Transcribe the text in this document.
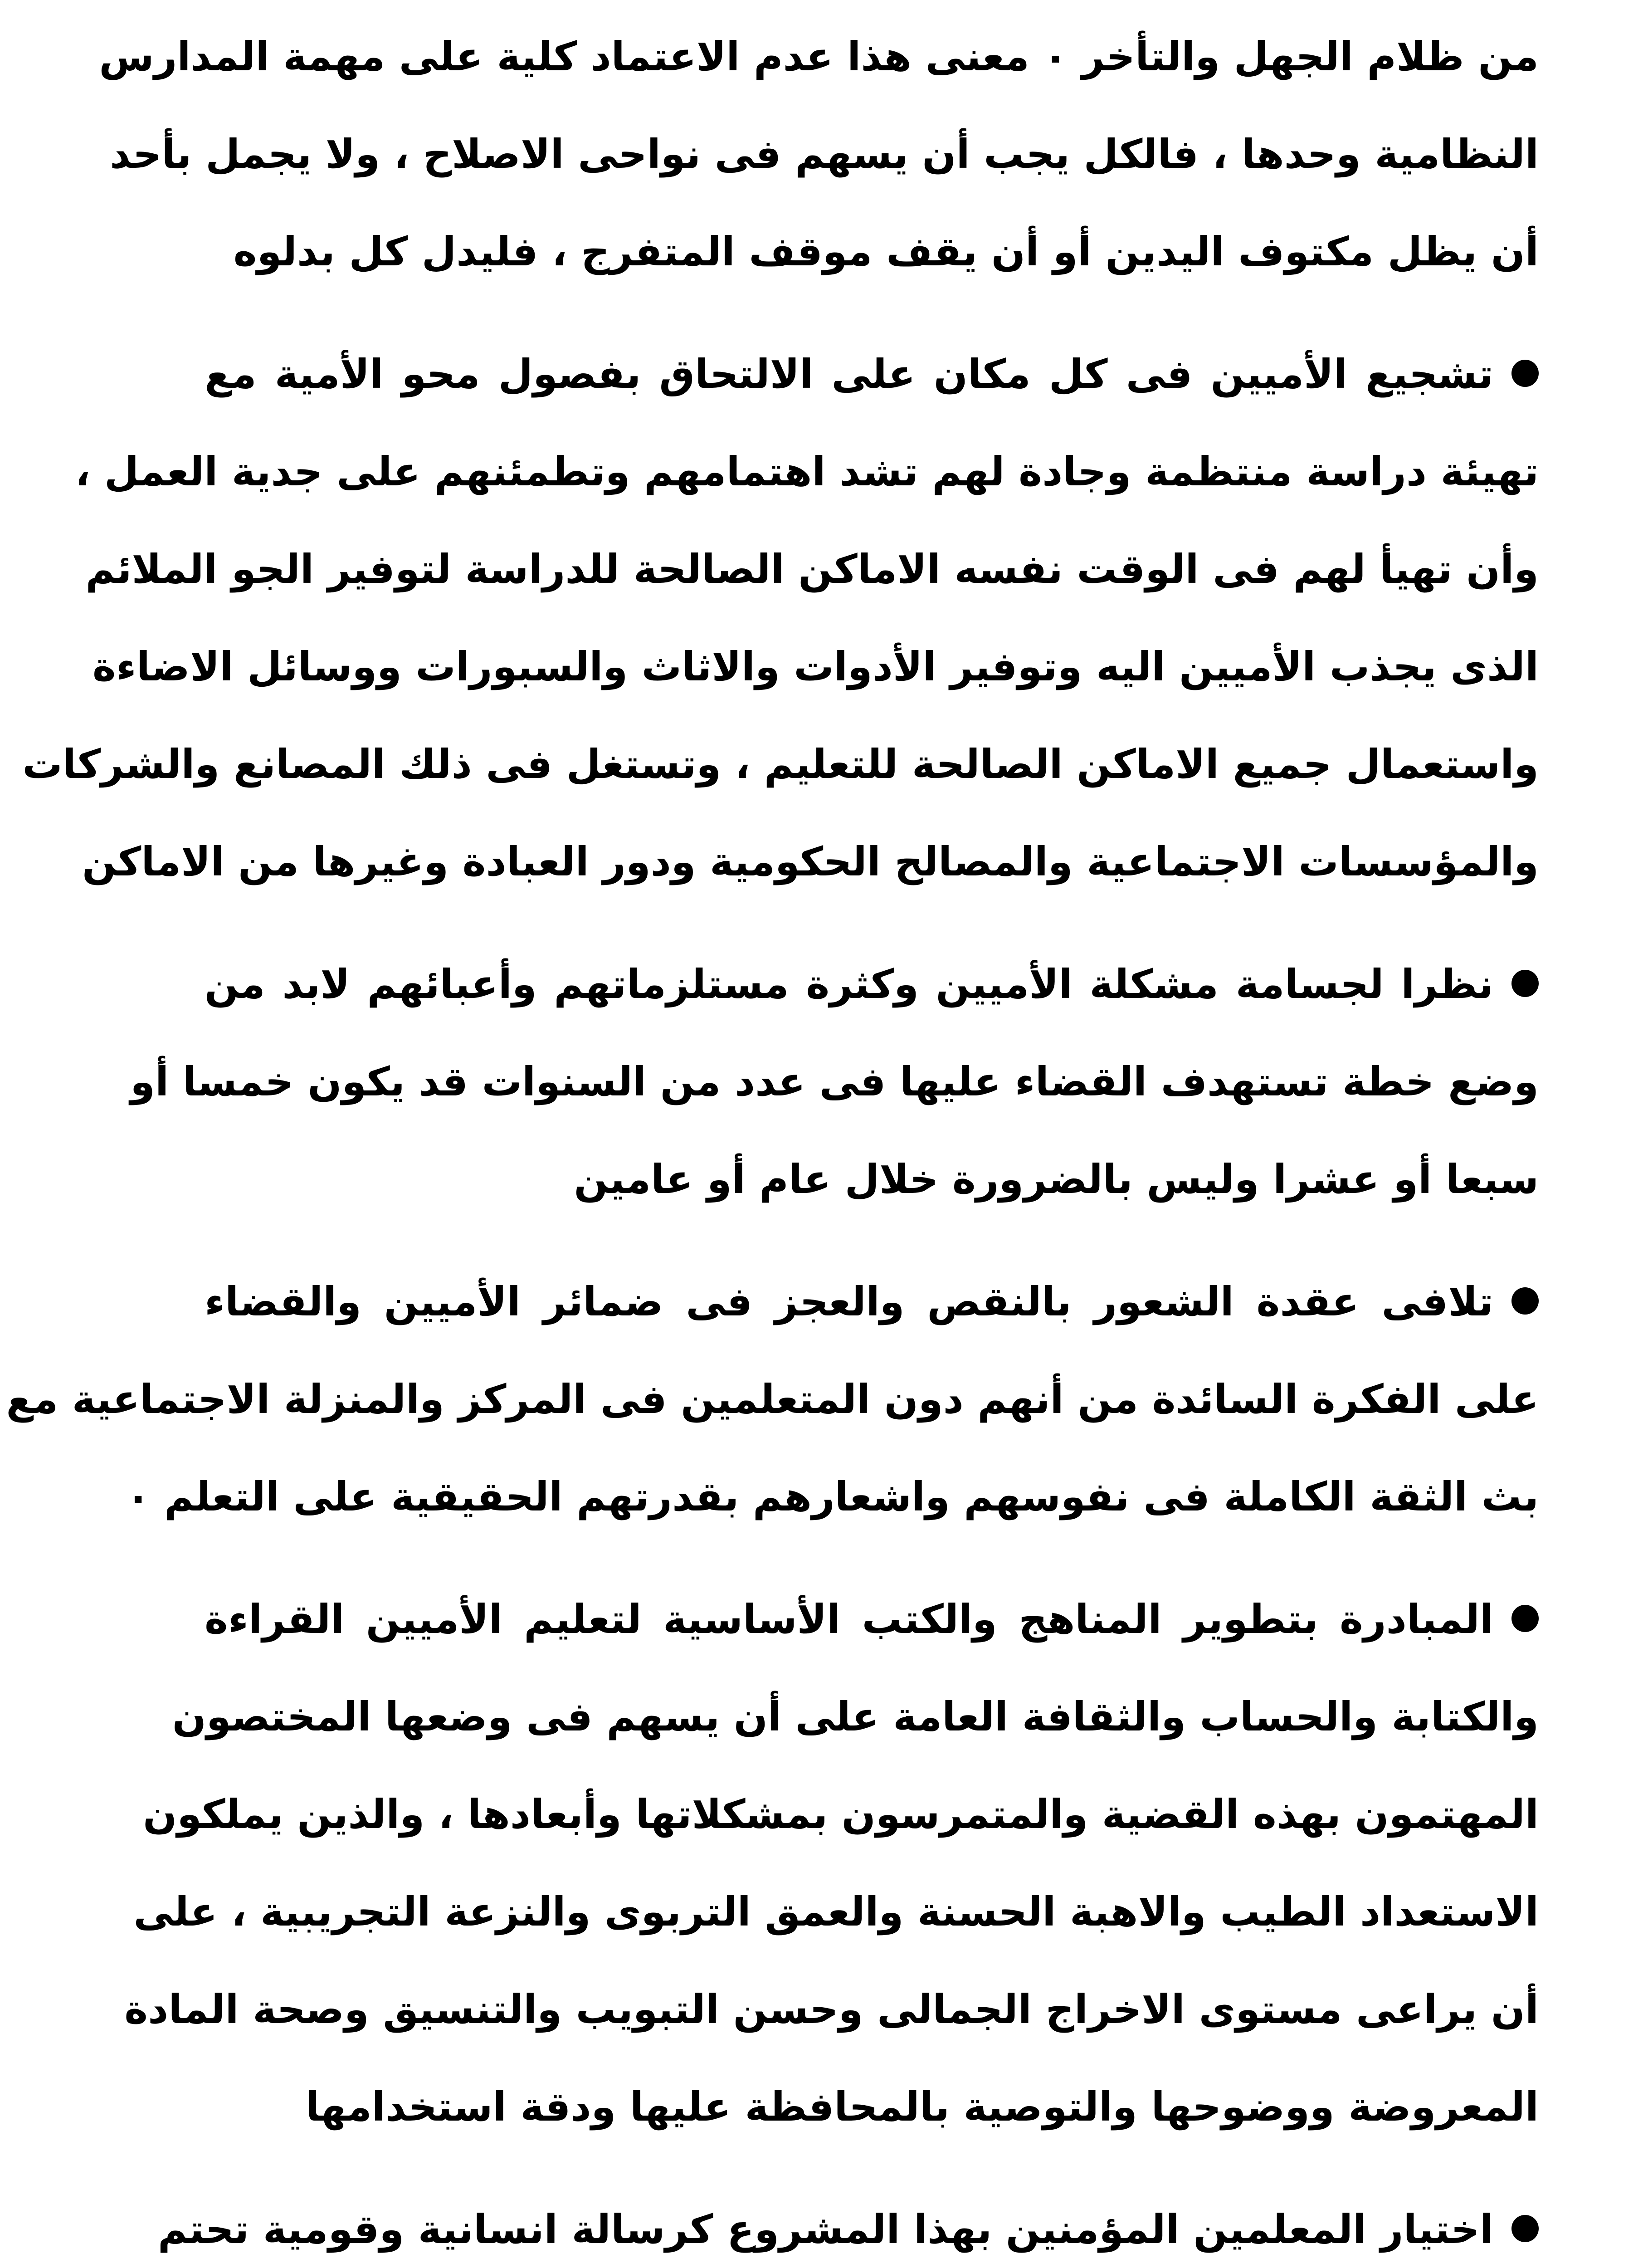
من ظلام الجهل والتأخر ٠ معنى هذا عدم الاعتماد كلية على مهمة المدارس
النظامية وحدها ، فالكل يجب أن يسهم فى نواحى الاصلاح ، ولا يجمل بأحد
أن يظل مكتوف اليدين أو أن يقف موقف المتفرج ، فليدل كل بدلوه
تشجيع الأميين فى كل مكان على الالتحاق بفصول محو الأمية مع
تهيئة دراسة منتظمة وجادة لهم تشد اهتمامهم وتطمئنهم على جدية العمل ،
وأن تهيأ لهم فى الوقت نفسه الاماكن الصالحة للدراسة لتوفير الجو الملائم
الذى يجذب الأميين اليه وتوفير الأدوات والاثاث والسبورات ووسائل الاضاءة
واستعمال جميع الاماكن الصالحة للتعليم ، وتستغل فى ذلك المصانع والشركات
والمؤسسات الاجتماعية والمصالح الحكومية ودور العبادة وغيرها من الاماكن
نظرا لجسامة مشكلة الأميين وكثرة مستلزماتهم وأعبائهم لابد من
وضع خطة تستهدف القضاء عليها فى عدد من السنوات قد يكون خمسا أو
سبعا أو عشرا وليس بالضرورة خلال عام أو عامين
تلافى عقدة الشعور بالنقص والعجز فى ضمائر الأميين والقضاء
على الفكرة السائدة من أنهم دون المتعلمين فى المركز والمنزلة الاجتماعية مع
بث الثقة الكاملة فى نفوسهم واشعارهم بقدرتهم الحقيقية على التعلم ٠
المبادرة بتطوير المناهج والكتب الأساسية لتعليم الأميين القراءة
والكتابة والحساب والثقافة العامة على أن يسهم فى وضعها المختصون
المهتمون بهذه القضية والمتمرسون بمشكلاتها وأبعادها ، والذين يملكون
الاستعداد الطيب والاهبة الحسنة والعمق التربوى والنزعة التجريبية ، على
أن يراعى مستوى الاخراج الجمالى وحسن التبويب والتنسيق وصحة المادة
المعروضة ووضوحها والتوصية بالمحافظة عليها ودقة استخدامها
اختيار المعلمين المؤمنين بهذا المشروع كرسالة انسانية وقومية تحتم
